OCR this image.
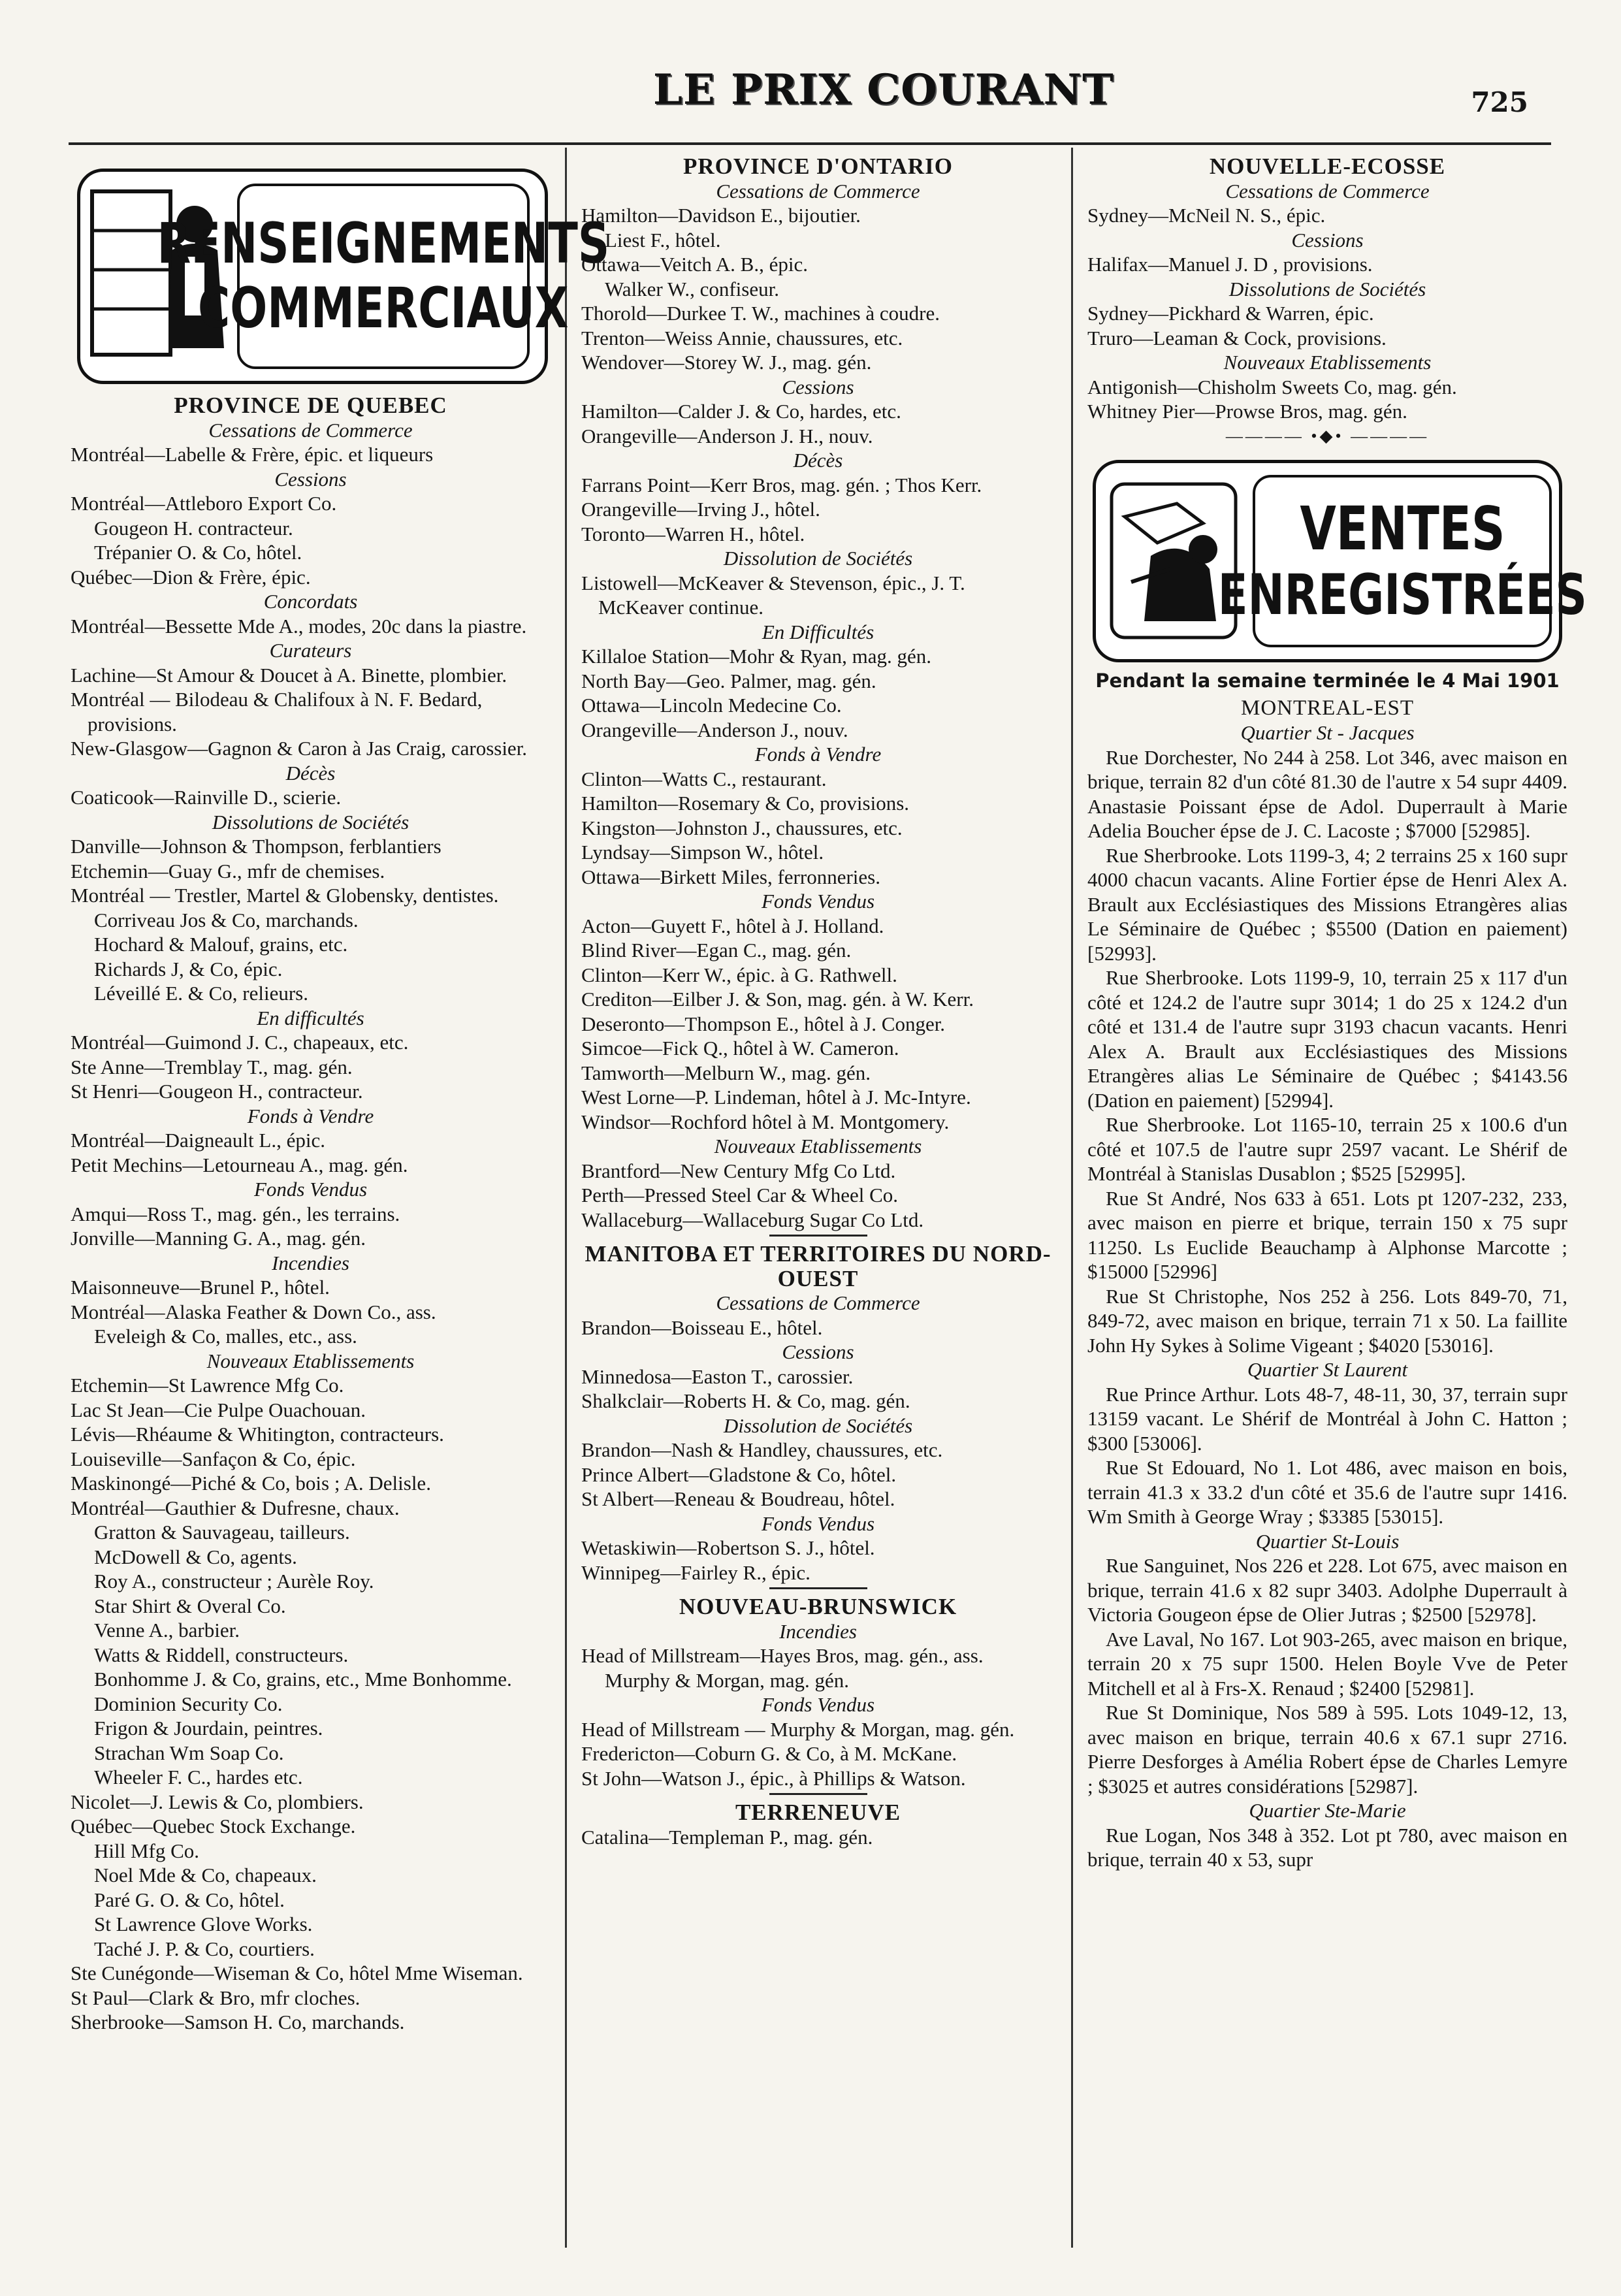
LE PRIX COURANT	725
RENSEIGNEMENTS
COMMERCIAUX

PROVINCE DE QUEBEC

Cessations de Commerce

Montréal—Labelle & Frère, épic. et liqueurs

Cessions

Montréal—Attleboro Export Co.

Gougeon H. contracteur.

Trépanier O. & Co, hôtel.

Québec—Dion & Frère, épic.

Concordats

Montréal—Bessette Mde A., modes, 20c dans la piastre.

Curateurs

Lachine—St Amour & Doucet à A. Binette, plombier.

Montréal — Bilodeau & Chalifoux à N. F. Bedard, provisions.

New-Glasgow—Gagnon & Caron à Jas Craig, carossier.

Décès

Coaticook—Rainville D., scierie.

Dissolutions de Sociétés

Danville—Johnson & Thompson, ferblantiers

Etchemin—Guay G., mfr de chemises.

Montréal — Trestler, Martel & Globensky, dentistes.

Corriveau Jos & Co, marchands.

Hochard & Malouf, grains, etc.

Richards J, & Co, épic.

Léveillé E. & Co, relieurs.

En difficultés

Montréal—Guimond J. C., chapeaux, etc.

Ste Anne—Tremblay T., mag. gén.

St Henri—Gougeon H., contracteur.

Fonds à Vendre

Montréal—Daigneault L., épic.

Petit Mechins—Letourneau A., mag. gén.

Fonds Vendus

Amqui—Ross T., mag. gén., les terrains.

Jonville—Manning G. A., mag. gén.

Incendies

Maisonneuve—Brunel P., hôtel.

Montréal—Alaska Feather & Down Co., ass.

Eveleigh & Co, malles, etc., ass.

Nouveaux Etablissements

Etchemin—St Lawrence Mfg Co.

Lac St Jean—Cie Pulpe Ouachouan.

Lévis—Rhéaume & Whitington, contracteurs.

Louiseville—Sanfaçon & Co, épic.

Maskinongé—Piché & Co, bois ; A. Delisle.

Montréal—Gauthier & Dufresne, chaux.

Gratton & Sauvageau, tailleurs.

McDowell & Co, agents.

Roy A., constructeur ; Aurèle Roy.

Star Shirt & Overal Co.

Venne A., barbier.

Watts & Riddell, constructeurs.

Bonhomme J. & Co, grains, etc., Mme Bonhomme.

Dominion Security Co.

Frigon & Jourdain, peintres.

Strachan Wm Soap Co.

Wheeler F. C., hardes etc.

Nicolet—J. Lewis & Co, plombiers.

Québec—Quebec Stock Exchange.

Hill Mfg Co.

Noel Mde & Co, chapeaux.

Paré G. O. & Co, hôtel.

St Lawrence Glove Works.

Taché J. P. & Co, courtiers.

Ste Cunégonde—Wiseman & Co, hôtel Mme Wiseman.

St Paul—Clark & Bro, mfr cloches.

Sherbrooke—Samson H. Co, marchands.

PROVINCE D'ONTARIO

Cessations de Commerce

Hamilton—Davidson E., bijoutier.

Liest F., hôtel.

Ottawa—Veitch A. B., épic.

Walker W., confiseur.

Thorold—Durkee T. W., machines à coudre.

Trenton—Weiss Annie, chaussures, etc.

Wendover—Storey W. J., mag. gén.

Cessions

Hamilton—Calder J. & Co, hardes, etc.

Orangeville—Anderson J. H., nouv.

Décès

Farrans Point—Kerr Bros, mag. gén. ; Thos Kerr.

Orangeville—Irving J., hôtel.

Toronto—Warren H., hôtel.

Dissolution de Sociétés

Listowell—McKeaver & Stevenson, épic., J. T. McKeaver continue.

En Difficultés

Killaloe Station—Mohr & Ryan, mag. gén.

North Bay—Geo. Palmer, mag. gén.

Ottawa—Lincoln Medecine Co.

Orangeville—Anderson J., nouv.

Fonds à Vendre

Clinton—Watts C., restaurant.

Hamilton—Rosemary & Co, provisions.

Kingston—Johnston J., chaussures, etc.

Lyndsay—Simpson W., hôtel.

Ottawa—Birkett Miles, ferronneries.

Fonds Vendus

Acton—Guyett F., hôtel à J. Holland.

Blind River—Egan C., mag. gén.

Clinton—Kerr W., épic. à G. Rathwell.

Crediton—Eilber J. & Son, mag. gén. à W. Kerr.

Deseronto—Thompson E., hôtel à J. Conger.

Simcoe—Fick Q., hôtel à W. Cameron.

Tamworth—Melburn W., mag. gén.

West Lorne—P. Lindeman, hôtel à J. Mc-Intyre.

Windsor—Rochford hôtel à M. Montgomery.

Nouveaux Etablissements

Brantford—New Century Mfg Co Ltd.

Perth—Pressed Steel Car & Wheel Co.

Wallaceburg—Wallaceburg Sugar Co Ltd.

MANITOBA ET TERRITOIRES DU NORD-OUEST

Cessations de Commerce

Brandon—Boisseau E., hôtel.

Cessions

Minnedosa—Easton T., carossier.

Shalkclair—Roberts H. & Co, mag. gén.

Dissolution de Sociétés

Brandon—Nash & Handley, chaussures, etc.

Prince Albert—Gladstone & Co, hôtel.

St Albert—Reneau & Boudreau, hôtel.

Fonds Vendus

Wetaskiwin—Robertson S. J., hôtel.

Winnipeg—Fairley R., épic.

NOUVEAU-BRUNSWICK

Incendies

Head of Millstream—Hayes Bros, mag. gén., ass.

Murphy & Morgan, mag. gén.

Fonds Vendus

Head of Millstream — Murphy & Morgan, mag. gén.

Fredericton—Coburn G. & Co, à M. McKane.

St John—Watson J., épic., à Phillips & Watson.

TERRENEUVE

Catalina—Templeman P., mag. gén.

NOUVELLE-ECOSSE

Cessations de Commerce

Sydney—McNeil N. S., épic.

Cessions

Halifax—Manuel J. D , provisions.

Dissolutions de Sociétés

Sydney—Pickhard & Warren, épic.

Truro—Leaman & Cock, provisions.

Nouveaux Etablissements

Antigonish—Chisholm Sweets Co, mag. gén.

Whitney Pier—Prowse Bros, mag. gén.

———— •◆• ————

VENTES
ENREGISTRÉES

Pendant la semaine terminée le 4 Mai 1901

MONTREAL-EST

Quartier St - Jacques

Rue Dorchester, No 244 à 258. Lot 346, avec maison en brique, terrain 82 d'un côté 81.30 de l'autre x 54 supr 4409. Anastasie Poissant épse de Adol. Duperrault à Marie Adelia Boucher épse de J. C. Lacoste ; $7000 [52985].

Rue Sherbrooke. Lots 1199-3, 4; 2 terrains 25 x 160 supr 4000 chacun vacants. Aline Fortier épse de Henri Alex A. Brault aux Ecclésiastiques des Missions Etrangères alias Le Séminaire de Québec ; $5500 (Dation en paiement) [52993].

Rue Sherbrooke. Lots 1199-9, 10, terrain 25 x 117 d'un côté et 124.2 de l'autre supr 3014; 1 do 25 x 124.2 d'un côté et 131.4 de l'autre supr 3193 chacun vacants. Henri Alex A. Brault aux Ecclésiastiques des Missions Etrangères alias Le Séminaire de Québec ; $4143.56 (Dation en paiement) [52994].

Rue Sherbrooke. Lot 1165-10, terrain 25 x 100.6 d'un côté et 107.5 de l'autre supr 2597 vacant. Le Shérif de Montréal à Stanislas Dusablon ; $525 [52995].

Rue St André, Nos 633 à 651. Lots pt 1207-232, 233, avec maison en pierre et brique, terrain 150 x 75 supr 11250. Ls Euclide Beauchamp à Alphonse Marcotte ; $15000 [52996]

Rue St Christophe, Nos 252 à 256. Lots 849-70, 71, 849-72, avec maison en brique, terrain 71 x 50. La faillite John Hy Sykes à Solime Vigeant ; $4020 [53016].

Quartier St Laurent

Rue Prince Arthur. Lots 48-7, 48-11, 30, 37, terrain supr 13159 vacant. Le Shérif de Montréal à John C. Hatton ; $300 [53006].

Rue St Edouard, No 1. Lot 486, avec maison en bois, terrain 41.3 x 33.2 d'un côté et 35.6 de l'autre supr 1416. Wm Smith à George Wray ; $3385 [53015].

Quartier St-Louis

Rue Sanguinet, Nos 226 et 228. Lot 675, avec maison en brique, terrain 41.6 x 82 supr 3403. Adolphe Duperrault à Victoria Gougeon épse de Olier Jutras ; $2500 [52978].

Ave Laval, No 167. Lot 903-265, avec maison en brique, terrain 20 x 75 supr 1500. Helen Boyle Vve de Peter Mitchell et al à Frs-X. Renaud ; $2400 [52981].

Rue St Dominique, Nos 589 à 595. Lots 1049-12, 13, avec maison en brique, terrain 40.6 x 67.1 supr 2716. Pierre Desforges à Amélia Robert épse de Charles Lemyre ; $3025 et autres considérations [52987].

Quartier Ste-Marie

Rue Logan, Nos 348 à 352. Lot pt 780, avec maison en brique, terrain 40 x 53, supr
